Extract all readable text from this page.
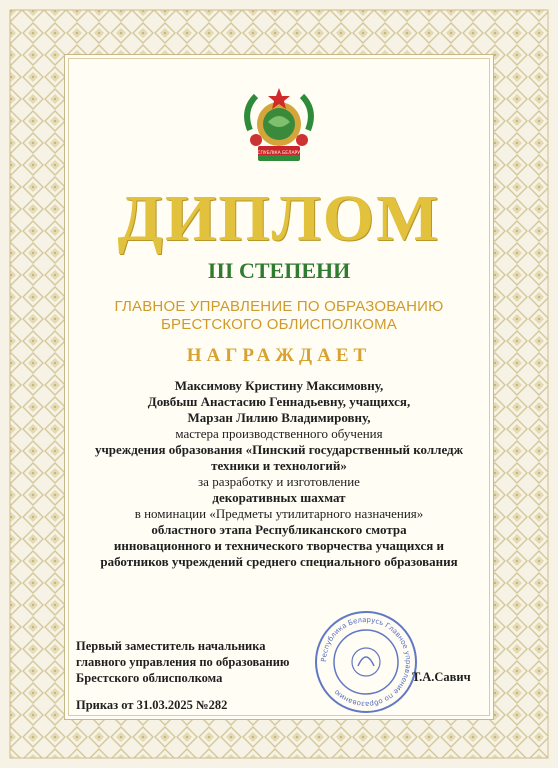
РЕСПУБЛІКА БЕЛАРУСЬ
ДИПЛОМ
III СТЕПЕНИ
ГЛАВНОЕ УПРАВЛЕНИЕ ПО ОБРАЗОВАНИЮ
БРЕСТСКОГО ОБЛИСПОЛКОМА
НАГРАЖДАЕТ
Максимову Кристину Максимовну,
Довбыш Анастасию Геннадьевну, учащихся,
Марзан Лилию Владимировну,
мастера производственного обучения
учреждения образования «Пинский государственный колледж
техники и технологий»
за разработку и изготовление
декоративных шахмат
в номинации «Предметы утилитарного назначения»
областного этапа Республиканского смотра
инновационного и технического творчества учащихся и
работников учреждений среднего специального образования
Республика Беларусь Главное управление по образованию
Первый заместитель начальника
главного управления по образованию
Брестского облисполкома	Т.А.Савич
Приказ от 31.03.2025 №282
